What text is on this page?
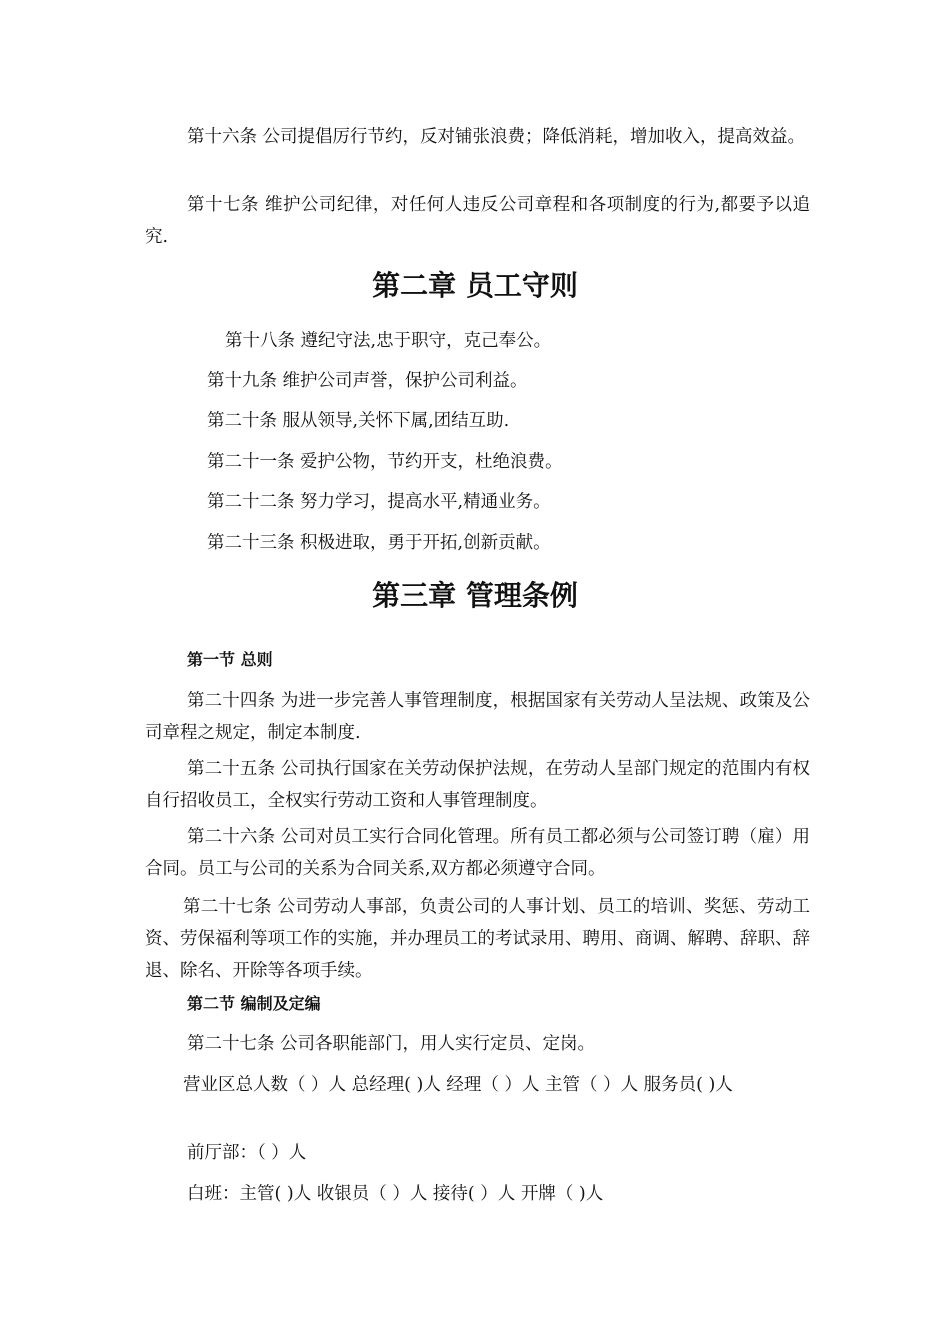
第十六条 公司提倡厉行节约，反对铺张浪费；降低消耗，增加收入，提高效益。

第十七条 维护公司纪律，对任何人违反公司章程和各项制度的行为,都要予以追究.

第二章 员工守则

第十八条 遵纪守法,忠于职守，克己奉公。

第十九条 维护公司声誉，保护公司利益。

第二十条 服从领导,关怀下属,团结互助.

第二十一条 爱护公物，节约开支，杜绝浪费。

第二十二条 努力学习，提高水平,精通业务。

第二十三条 积极进取，勇于开拓,创新贡献。

第三章 管理条例
第一节 总则

第二十四条 为进一步完善人事管理制度，根据国家有关劳动人呈法规、政策及公司章程之规定，制定本制度.

第二十五条 公司执行国家在关劳动保护法规，在劳动人呈部门规定的范围内有权自行招收员工，全权实行劳动工资和人事管理制度。

第二十六条 公司对员工实行合同化管理。所有员工都必须与公司签订聘（雇）用合同。员工与公司的关系为合同关系,双方都必须遵守合同。

第二十七条 公司劳动人事部，负责公司的人事计划、员工的培训、奖惩、劳动工资、劳保福利等项工作的实施，并办理员工的考试录用、聘用、商调、解聘、辞职、辞退、除名、开除等各项手续。

第二节 编制及定编

第二十七条 公司各职能部门，用人实行定员、定岗。

营业区总人数（ ）人 总经理( )人 经理（ ）人 主管（ ）人 服务员( )人

前厅部：（ ）人

白班：主管( )人 收银员（ ）人 接待( ）人 开牌（ )人
